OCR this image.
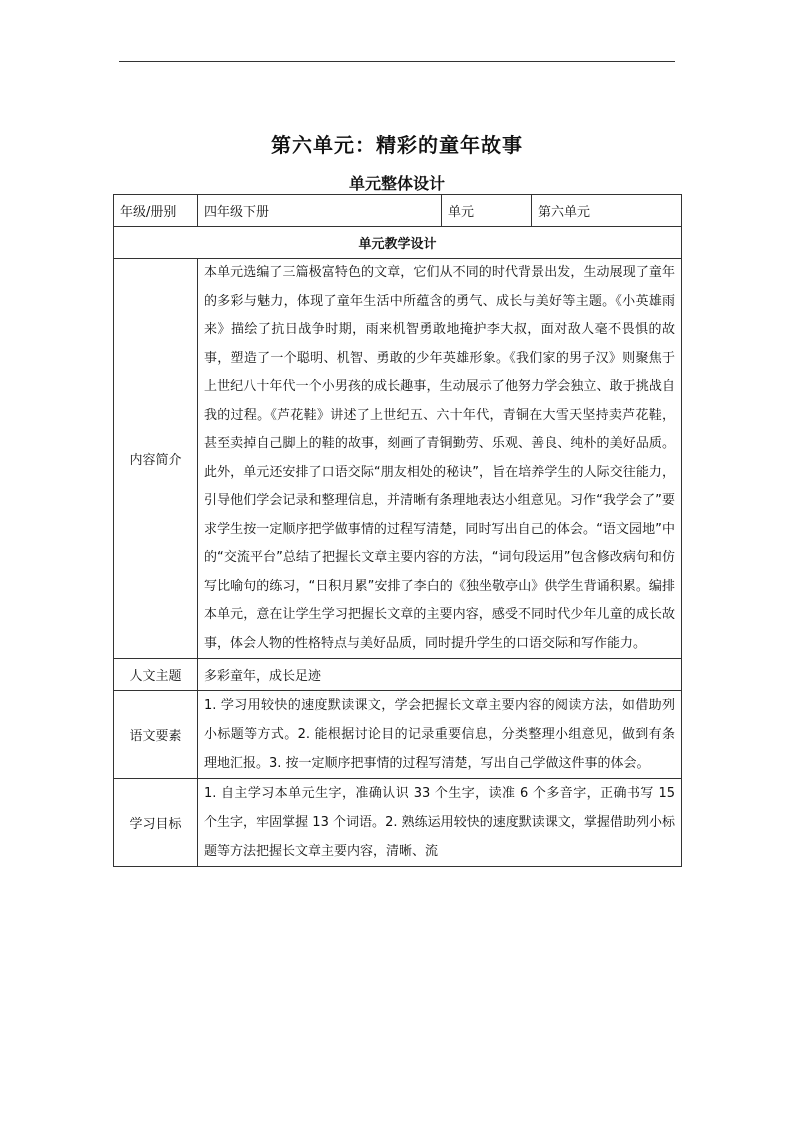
第六单元：精彩的童年故事
单元整体设计
年级/册别	四年级下册	单元	第六单元
单元教学设计			
内容简介	本单元选编了三篇极富特色的文章，它们从不同的时代背景出发，生动展现了童年的多彩与魅力，体现了童年生活中所蕴含的勇气、成长与美好等主题。《小英雄雨来》描绘了抗日战争时期，雨来机智勇敢地掩护李大叔，面对敌人毫不畏惧的故事，塑造了一个聪明、机智、勇敢的少年英雄形象。《我们家的男子汉》则聚焦于上世纪八十年代一个小男孩的成长趣事，生动展示了他努力学会独立、敢于挑战自我的过程。《芦花鞋》讲述了上世纪五、六十年代，青铜在大雪天坚持卖芦花鞋，甚至卖掉自己脚上的鞋的故事，刻画了青铜勤劳、乐观、善良、纯朴的美好品质。此外，单元还安排了口语交际“朋友相处的秘诀”，旨在培养学生的人际交往能力，引导他们学会记录和整理信息，并清晰有条理地表达小组意见。习作“我学会了”要求学生按一定顺序把学做事情的过程写清楚，同时写出自己的体会。“语文园地”中的“交流平台”总结了把握长文章主要内容的方法，“词句段运用”包含修改病句和仿写比喻句的练习，“日积月累”安排了李白的《独坐敬亭山》供学生背诵积累。编排本单元，意在让学生学习把握长文章的主要内容，感受不同时代少年儿童的成长故事，体会人物的性格特点与美好品质，同时提升学生的口语交际和写作能力。		
人文主题	多彩童年，成长足迹		
语文要素	1. 学习用较快的速度默读课文，学会把握长文章主要内容的阅读方法，如借助列小标题等方式。2. 能根据讨论目的记录重要信息，分类整理小组意见，做到有条理地汇报。3. 按一定顺序把事情的过程写清楚，写出自己学做这件事的体会。		
学习目标	1. 自主学习本单元生字，准确认识 33 个生字，读准 6 个多音字，正确书写 15 个生字，牢固掌握 13 个词语。2. 熟练运用较快的速度默读课文，掌握借助列小标题等方法把握长文章主要内容，清晰、流		
